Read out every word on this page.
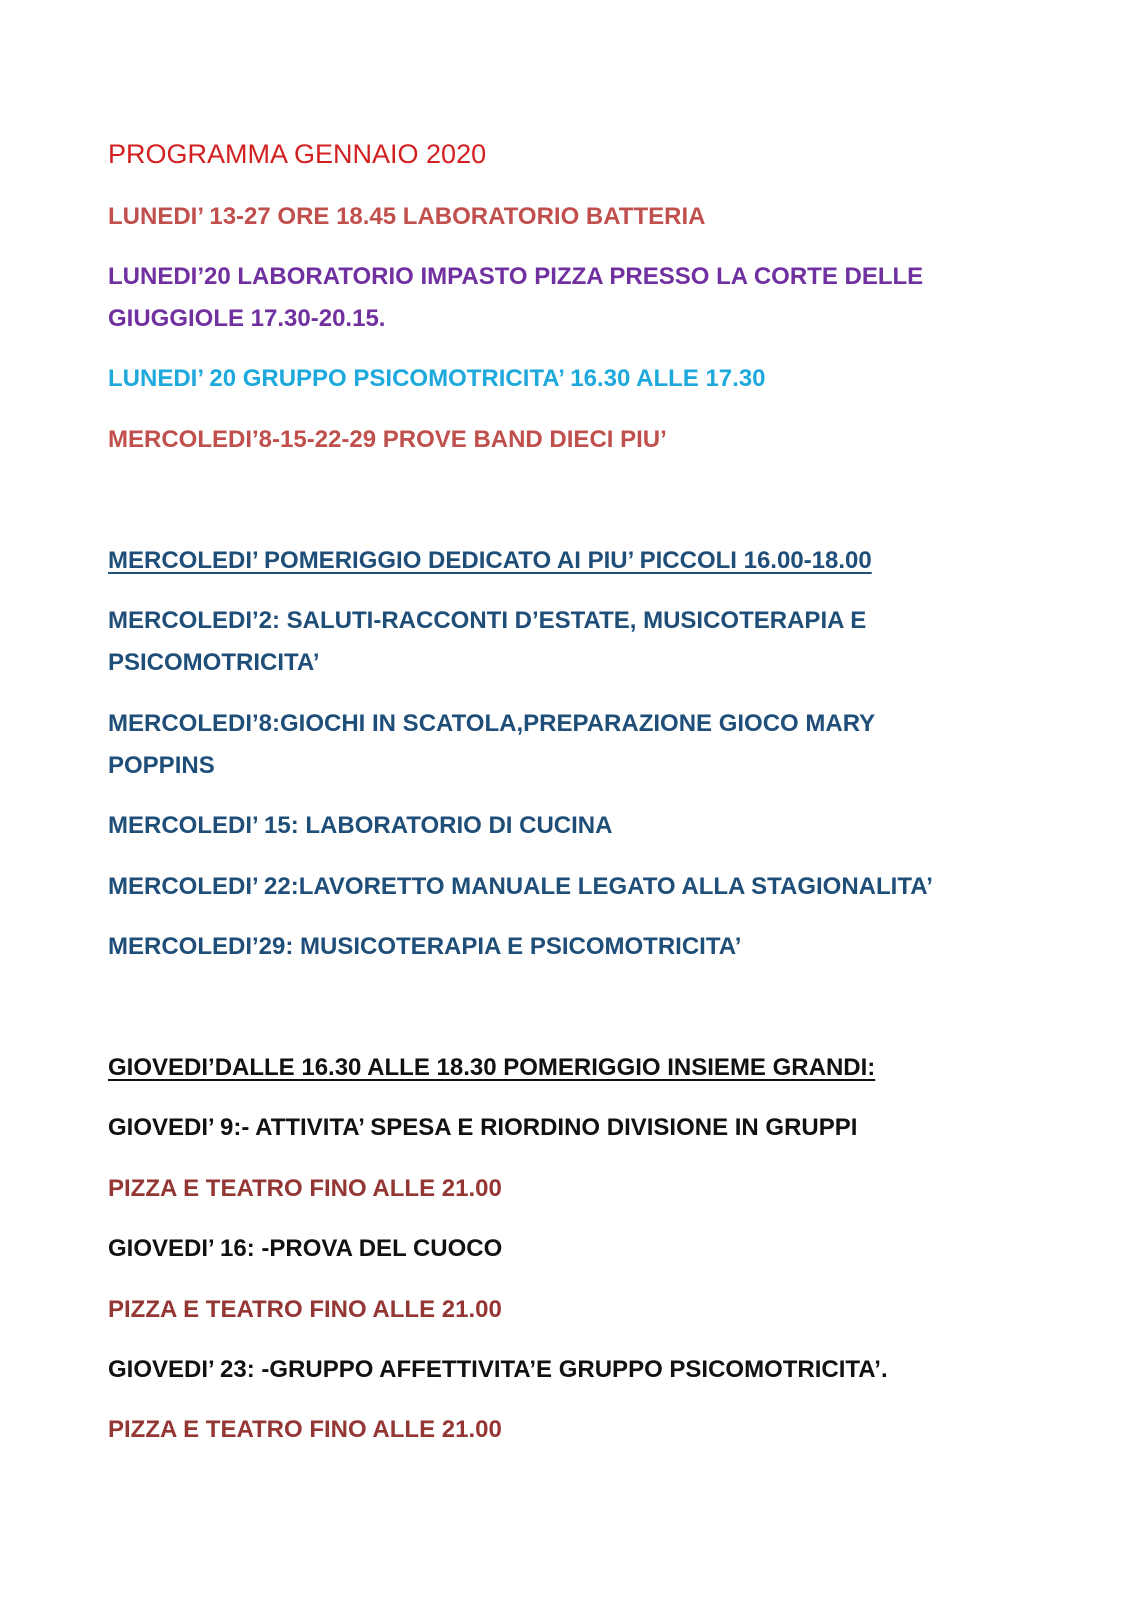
PROGRAMMA GENNAIO 2020

LUNEDI’ 13-27 ORE 18.45 LABORATORIO BATTERIA

LUNEDI’20 LABORATORIO IMPASTO PIZZA PRESSO LA CORTE DELLE

GIUGGIOLE 17.30-20.15.

LUNEDI’ 20 GRUPPO PSICOMOTRICITA’ 16.30 ALLE 17.30

MERCOLEDI’8-15-22-29 PROVE BAND DIECI PIU’

MERCOLEDI’ POMERIGGIO DEDICATO AI PIU’ PICCOLI 16.00-18.00

MERCOLEDI’2: SALUTI-RACCONTI D’ESTATE, MUSICOTERAPIA E

PSICOMOTRICITA’

MERCOLEDI’8:GIOCHI IN SCATOLA,PREPARAZIONE GIOCO MARY

POPPINS

MERCOLEDI’ 15: LABORATORIO DI CUCINA

MERCOLEDI’ 22:LAVORETTO MANUALE LEGATO ALLA STAGIONALITA’

MERCOLEDI’29: MUSICOTERAPIA E PSICOMOTRICITA’

GIOVEDI’DALLE 16.30 ALLE 18.30 POMERIGGIO INSIEME GRANDI:

GIOVEDI’ 9:- ATTIVITA’ SPESA E RIORDINO DIVISIONE IN GRUPPI

PIZZA E TEATRO FINO ALLE 21.00

GIOVEDI’ 16: -PROVA DEL CUOCO

PIZZA E TEATRO FINO ALLE 21.00

GIOVEDI’ 23: -GRUPPO AFFETTIVITA’E GRUPPO PSICOMOTRICITA’.

PIZZA E TEATRO FINO ALLE 21.00
